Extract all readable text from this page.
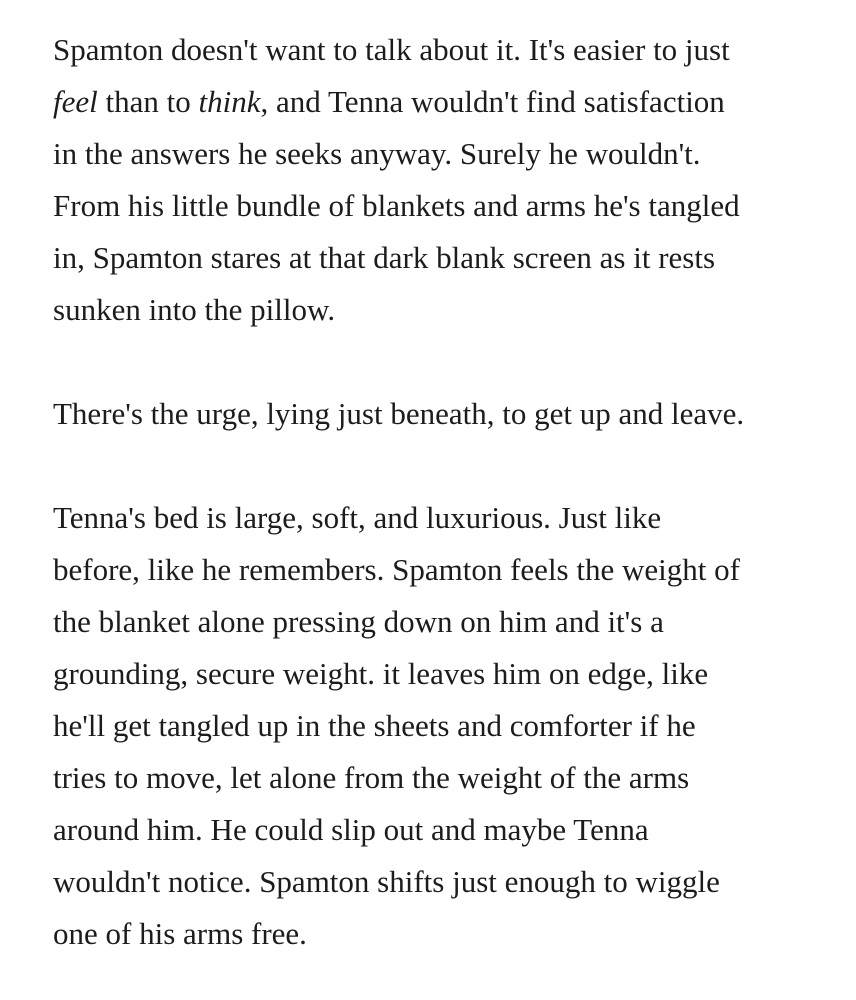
Spamton doesn't want to talk about it. It's easier to just
feel than to think, and Tenna wouldn't find satisfaction
in the answers he seeks anyway. Surely he wouldn't.
From his little bundle of blankets and arms he's tangled
in, Spamton stares at that dark blank screen as it rests
sunken into the pillow.

There's the urge, lying just beneath, to get up and leave.

Tenna's bed is large, soft, and luxurious. Just like
before, like he remembers. Spamton feels the weight of
the blanket alone pressing down on him and it's a
grounding, secure weight. it leaves him on edge, like
he'll get tangled up in the sheets and comforter if he
tries to move, let alone from the weight of the arms
around him. He could slip out and maybe Tenna
wouldn't notice. Spamton shifts just enough to wiggle
one of his arms free.
